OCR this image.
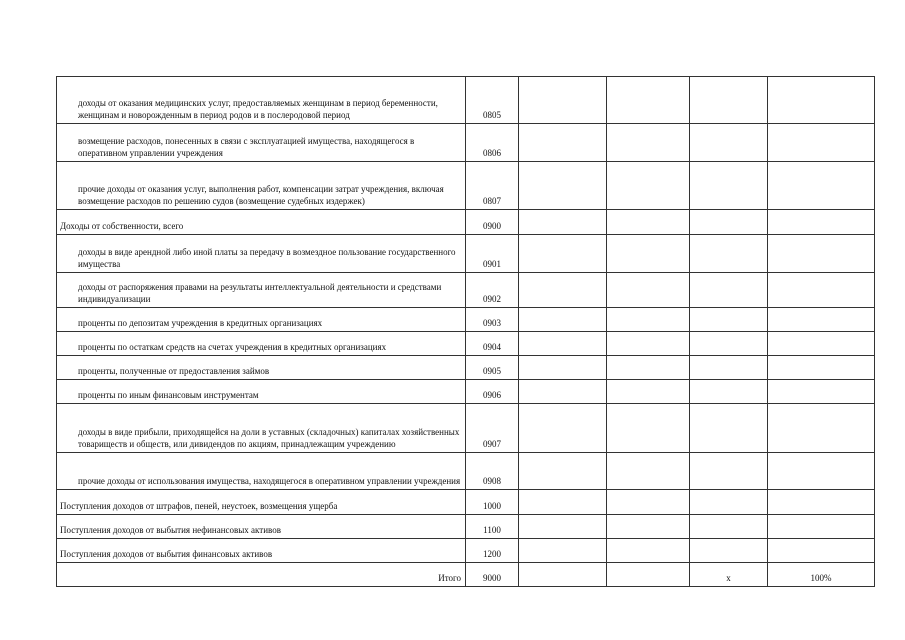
доходы от оказания медицинских услуг, предоставляемых женщинам в период беременности, женщинам и новорожденным в период родов и в послеродовой период	0805				
возмещение расходов, понесенных в связи с эксплуатацией имущества, находящегося в оперативном управлении учреждения	0806				
прочие доходы от оказания услуг, выполнения работ, компенсации затрат учреждения, включая возмещение расходов по решению судов (возмещение судебных издержек)	0807				
Доходы от собственности, всего	0900				
доходы в виде арендной либо иной платы за передачу в возмездное пользование государственного имущества	0901				
доходы от распоряжения правами на результаты интеллектуальной деятельности и средствами индивидуализации	0902				
проценты по депозитам учреждения в кредитных организациях	0903				
проценты по остаткам средств на счетах учреждения в кредитных организациях	0904				
проценты, полученные от предоставления займов	0905				
проценты по иным финансовым инструментам	0906				
доходы в виде прибыли, приходящейся на доли в уставных (складочных) капиталах хозяйственных товариществ и обществ, или дивидендов по акциям, принадлежащим учреждению	0907				
прочие доходы от использования имущества, находящегося в оперативном управлении учреждения	0908				
Поступления доходов от штрафов, пеней, неустоек, возмещения ущерба	1000				
Поступления доходов от выбытия нефинансовых активов	1100				
Поступления доходов от выбытия финансовых активов	1200				
Итого	9000			x	100%
